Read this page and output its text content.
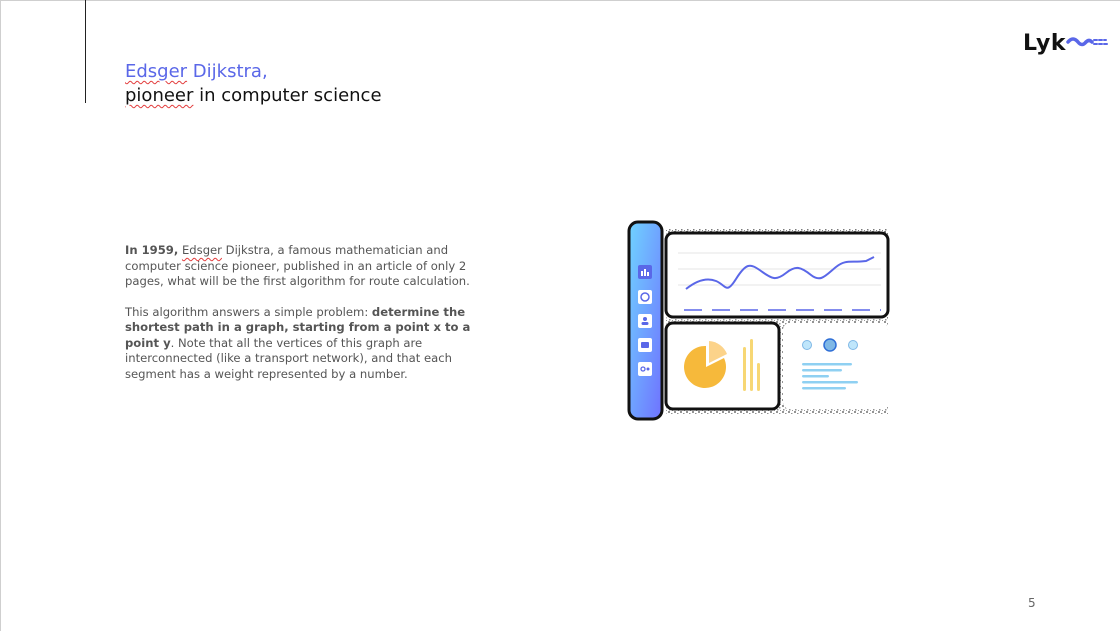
Edsger Dijkstra,
pioneer in computer science
Lyk

In 1959, Edsger Dijkstra, a famous mathematician and computer science pioneer, published in an article of only 2 pages, what will be the first algorithm for route calculation.

This algorithm answers a simple problem: determine the shortest path in a graph, starting from a point x to a point y. Note that all the vertices of this graph are interconnected (like a transport network), and that each segment has a weight represented by a number.

5
